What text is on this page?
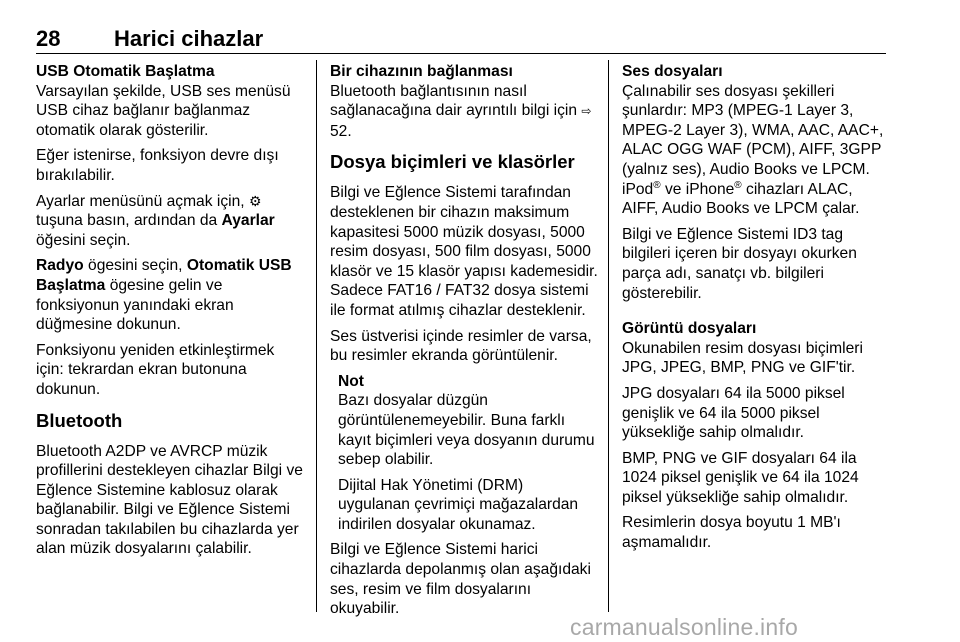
28 Harici cihazlar

USB Otomatik Başlatma

Varsayılan şekilde, USB ses menüsü USB cihaz bağlanır bağlanmaz otomatik olarak gösterilir.

Eğer istenirse, fonksiyon devre dışı bırakılabilir.

Ayarlar menüsünü açmak için, ⚙
tuşuna basın, ardından da Ayarlar öğesini seçin.

Radyo ögesini seçin, Otomatik USB Başlatma ögesine gelin ve fonksiyonun yanındaki ekran düğmesine dokunun.

Fonksiyonu yeniden etkinleştirmek için: tekrardan ekran butonuna dokunun.

Bluetooth

Bluetooth A2DP ve AVRCP müzik profillerini destekleyen cihazlar Bilgi ve Eğlence Sistemine kablosuz olarak bağlanabilir. Bilgi ve Eğlence Sistemi sonradan takılabilen bu cihazlarda yer alan müzik dosyalarını çalabilir.

Bir cihazının bağlanması

Bluetooth bağlantısının nasıl sağlanacağına dair ayrıntılı bilgi için ⇨ 52.

Dosya biçimleri ve klasörler

Bilgi ve Eğlence Sistemi tarafından desteklenen bir cihazın maksimum kapasitesi 5000 müzik dosyası, 5000 resim dosyası, 500 film dosyası, 5000 klasör ve 15 klasör yapısı kademesidir. Sadece FAT16 / FAT32 dosya sistemi ile format atılmış cihazlar desteklenir.

Ses üstverisi içinde resimler de varsa, bu resimler ekranda görüntülenir.

Not

Bazı dosyalar düzgün görüntülenemeyebilir. Buna farklı kayıt biçimleri veya dosyanın durumu sebep olabilir.

Dijital Hak Yönetimi (DRM) uygulanan çevrimiçi mağazalardan indirilen dosyalar okunamaz.

Bilgi ve Eğlence Sistemi harici cihazlarda depolanmış olan aşağıdaki ses, resim ve film dosyalarını okuyabilir.

Ses dosyaları

Çalınabilir ses dosyası şekilleri şunlardır: MP3 (MPEG-1 Layer 3, MPEG-2 Layer 3), WMA, AAC, AAC+, ALAC OGG WAF (PCM), AIFF, 3GPP (yalnız ses), Audio Books ve LPCM. iPod® ve iPhone® cihazları ALAC, AIFF, Audio Books ve LPCM çalar.

Bilgi ve Eğlence Sistemi ID3 tag bilgileri içeren bir dosyayı okurken parça adı, sanatçı vb. bilgileri gösterebilir.

Görüntü dosyaları

Okunabilen resim dosyası biçimleri JPG, JPEG, BMP, PNG ve GIF'tir.

JPG dosyaları 64 ila 5000 piksel genişlik ve 64 ila 5000 piksel yüksekliğe sahip olmalıdır.

BMP, PNG ve GIF dosyaları 64 ila 1024 piksel genişlik ve 64 ila 1024 piksel yüksekliğe sahip olmalıdır.

Resimlerin dosya boyutu 1 MB'ı aşmamalıdır.

carmanualsonline.info
